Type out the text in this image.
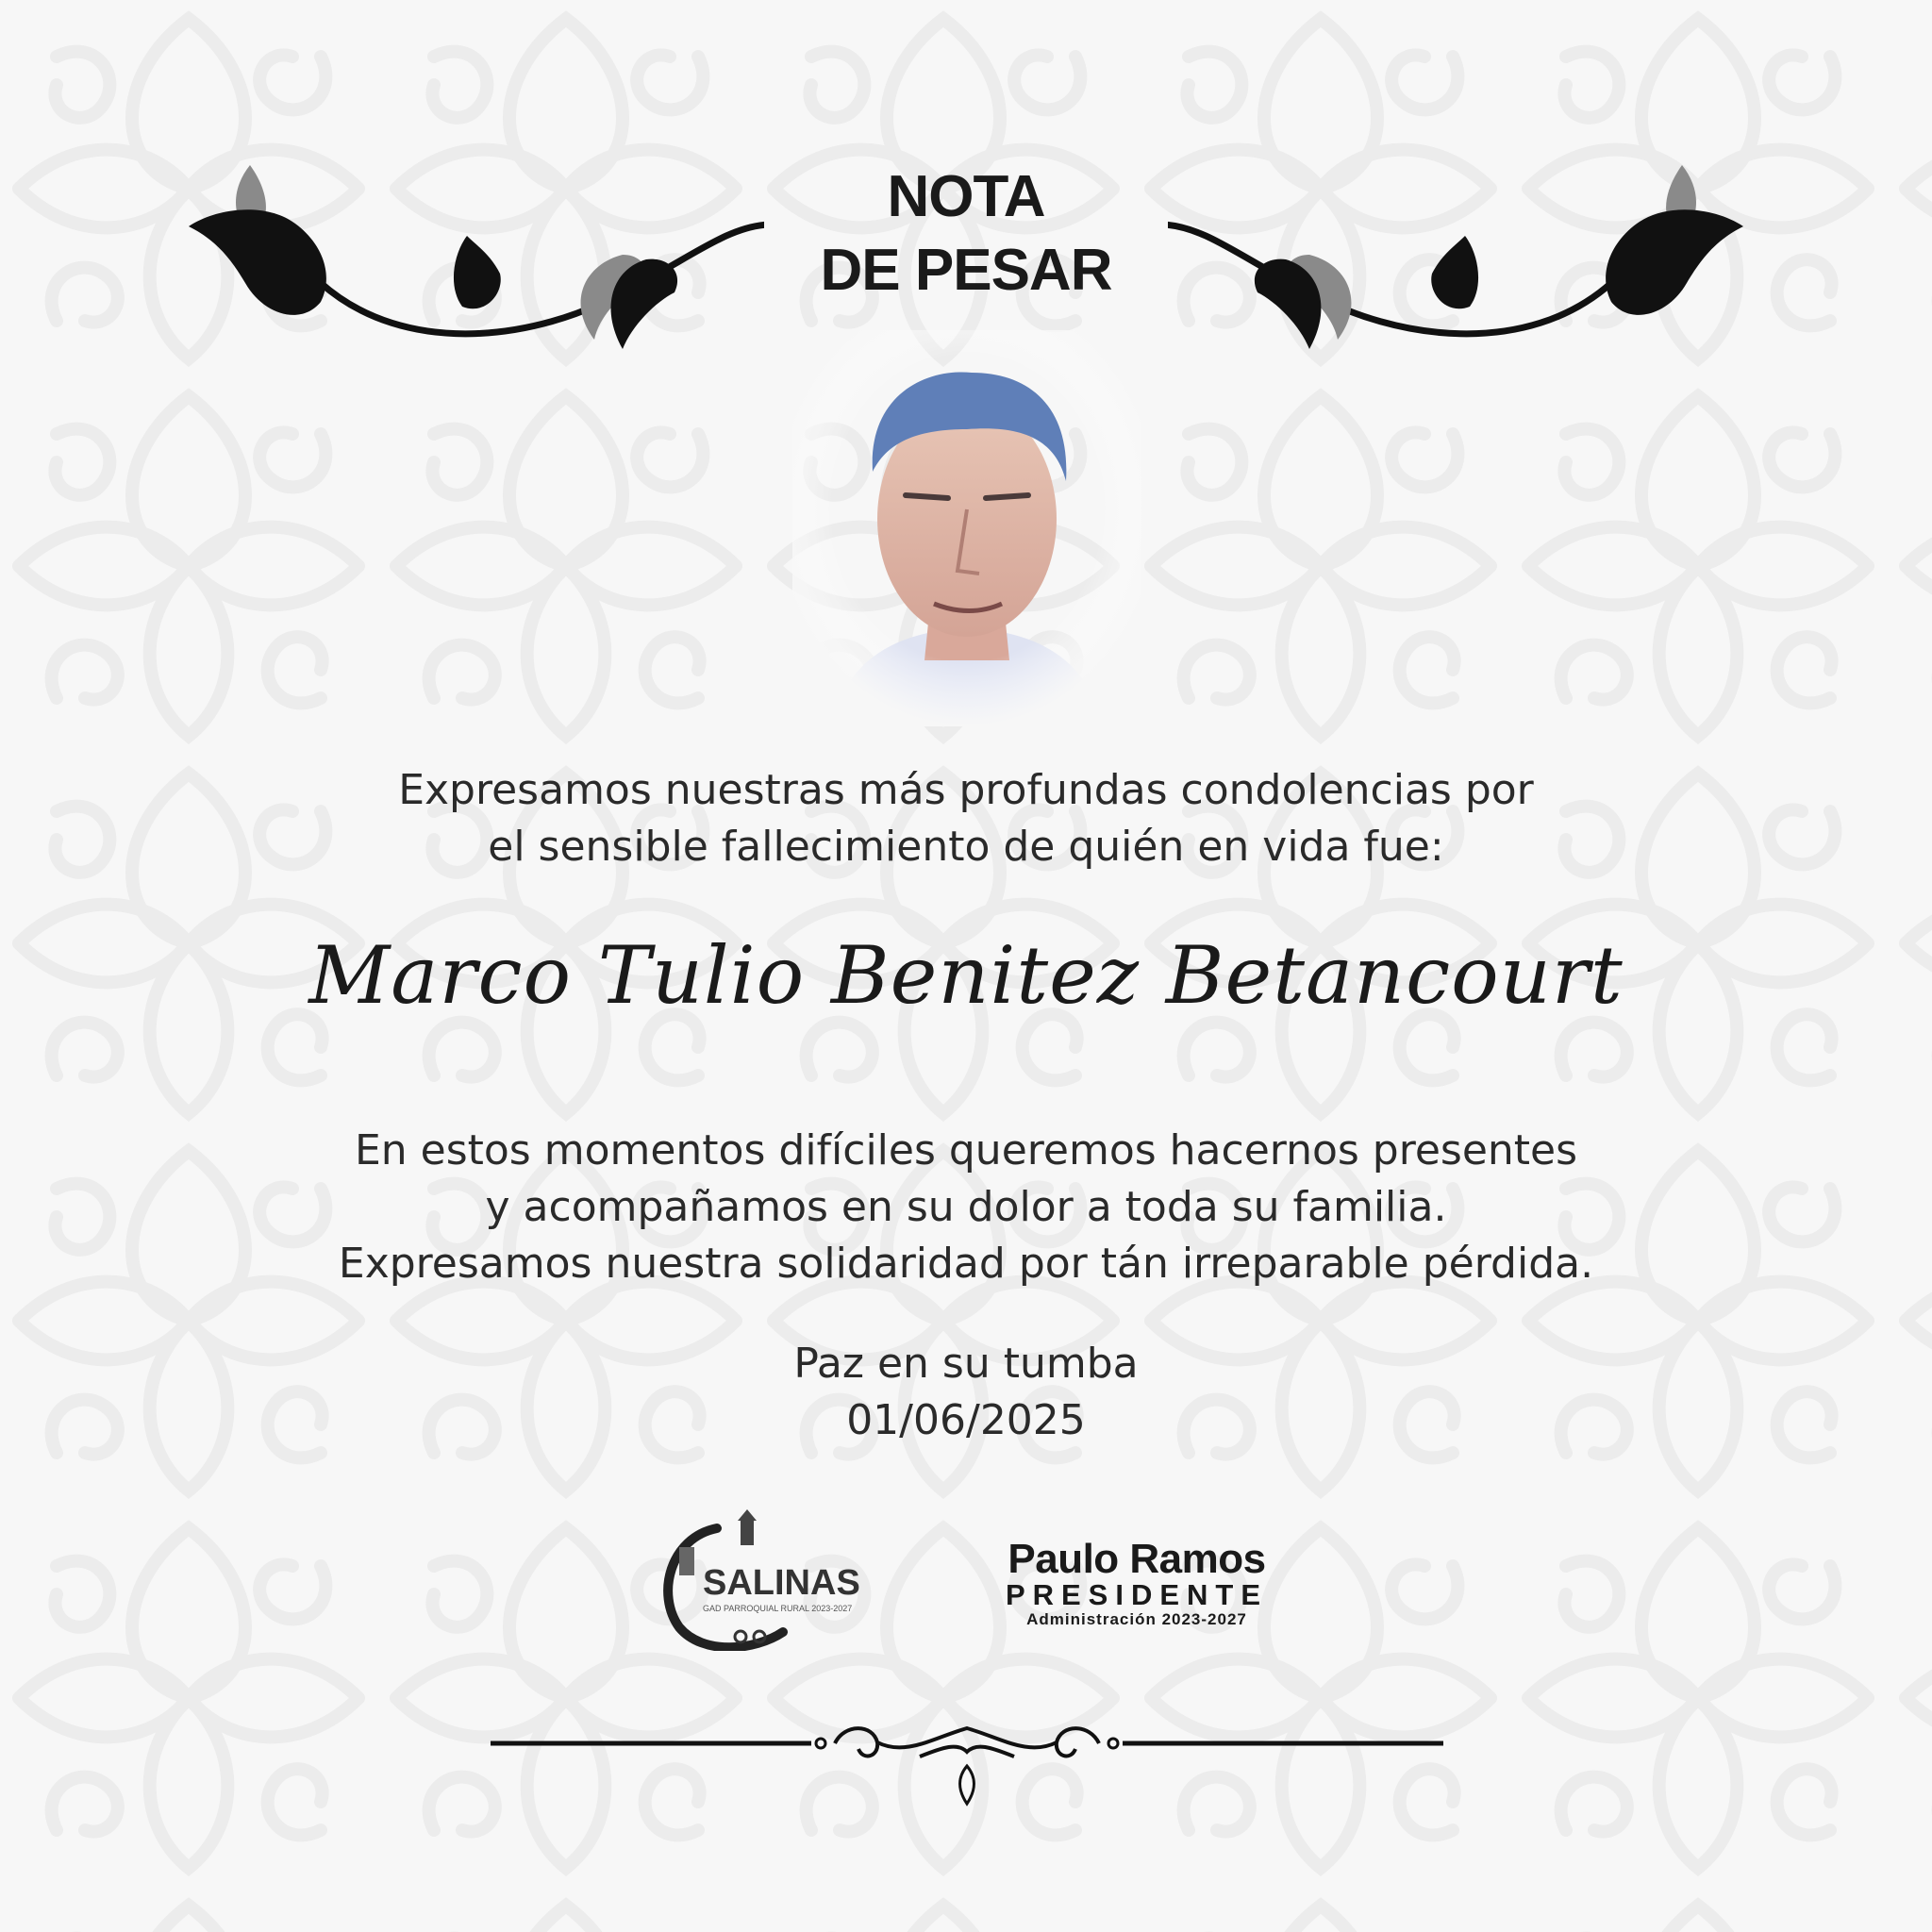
NOTA
DE PESAR
Expresamos nuestras más profundas condolencias por
el sensible fallecimiento de quién en vida fue:
Marco Tulio Benitez Betancourt
En estos momentos difíciles queremos hacernos presentes
y acompañamos en su dolor a toda su familia.
Expresamos nuestra solidaridad por tán irreparable pérdida.
Paz en su tumba
01/06/2025
SALINAS
GAD PARROQUIAL RURAL 2023-2027
Paulo Ramos
PRESIDENTE
Administración 2023-2027
